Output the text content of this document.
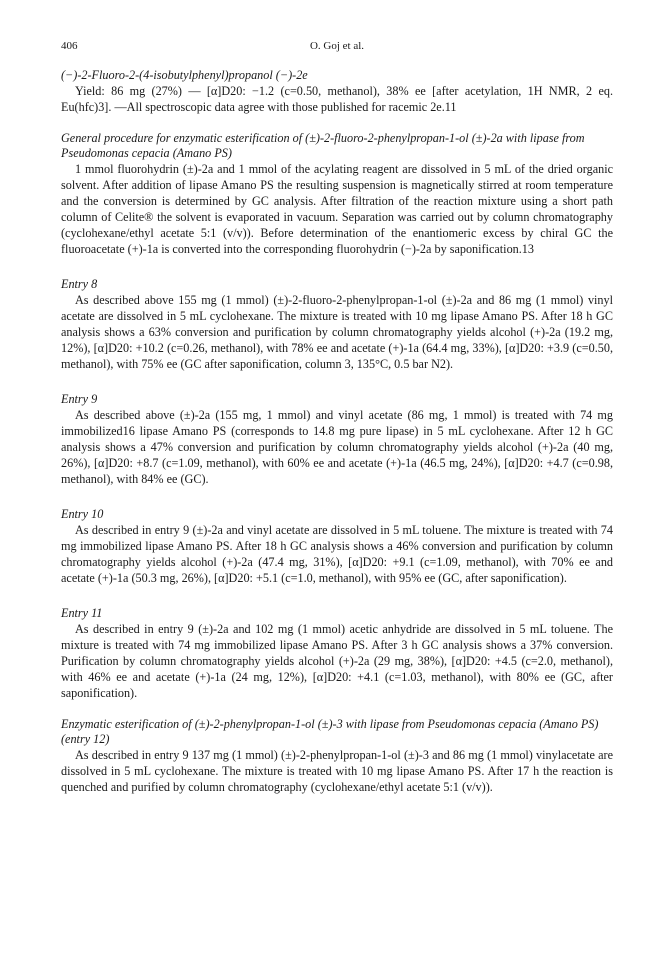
406	O. Goj et al.

(−)-2-Fluoro-2-(4-isobutylphenyl)propanol (−)-2e

Yield: 86 mg (27%) — [α]D20: −1.2 (c=0.50, methanol), 38% ee [after acetylation, 1H NMR, 2 eq. Eu(hfc)3]. —All spectroscopic data agree with those published for racemic 2e.11

General procedure for enzymatic esterification of (±)-2-fluoro-2-phenylpropan-1-ol (±)-2a with lipase from Pseudomonas cepacia (Amano PS)

1 mmol fluorohydrin (±)-2a and 1 mmol of the acylating reagent are dissolved in 5 mL of the dried organic solvent. After addition of lipase Amano PS the resulting suspension is magnetically stirred at room temperature and the conversion is determined by GC analysis. After filtration of the reaction mixture using a short path column of Celite® the solvent is evaporated in vacuum. Separation was carried out by column chromatography (cyclohexane/ethyl acetate 5:1 (v/v)). Before determination of the enantiomeric excess by chiral GC the fluoroacetate (+)-1a is converted into the corresponding fluorohydrin (−)-2a by saponification.13

Entry 8

As described above 155 mg (1 mmol) (±)-2-fluoro-2-phenylpropan-1-ol (±)-2a and 86 mg (1 mmol) vinyl acetate are dissolved in 5 mL cyclohexane. The mixture is treated with 10 mg lipase Amano PS. After 18 h GC analysis shows a 63% conversion and purification by column chromatography yields alcohol (+)-2a (19.2 mg, 12%), [α]D20: +10.2 (c=0.26, methanol), with 78% ee and acetate (+)-1a (64.4 mg, 33%), [α]D20: +3.9 (c=0.50, methanol), with 75% ee (GC after saponification, column 3, 135°C, 0.5 bar N2).

Entry 9

As described above (±)-2a (155 mg, 1 mmol) and vinyl acetate (86 mg, 1 mmol) is treated with 74 mg immobilized16 lipase Amano PS (corresponds to 14.8 mg pure lipase) in 5 mL cyclohexane. After 12 h GC analysis shows a 47% conversion and purification by column chromatography yields alcohol (+)-2a (40 mg, 26%), [α]D20: +8.7 (c=1.09, methanol), with 60% ee and acetate (+)-1a (46.5 mg, 24%), [α]D20: +4.7 (c=0.98, methanol), with 84% ee (GC).

Entry 10

As described in entry 9 (±)-2a and vinyl acetate are dissolved in 5 mL toluene. The mixture is treated with 74 mg immobilized lipase Amano PS. After 18 h GC analysis shows a 46% conversion and purification by column chromatography yields alcohol (+)-2a (47.4 mg, 31%), [α]D20: +9.1 (c=1.09, methanol), with 70% ee and acetate (+)-1a (50.3 mg, 26%), [α]D20: +5.1 (c=1.0, methanol), with 95% ee (GC, after saponification).

Entry 11

As described in entry 9 (±)-2a and 102 mg (1 mmol) acetic anhydride are dissolved in 5 mL toluene. The mixture is treated with 74 mg immobilized lipase Amano PS. After 3 h GC analysis shows a 37% conversion. Purification by column chromatography yields alcohol (+)-2a (29 mg, 38%), [α]D20: +4.5 (c=2.0, methanol), with 46% ee and acetate (+)-1a (24 mg, 12%), [α]D20: +4.1 (c=1.03, methanol), with 80% ee (GC, after saponification).

Enzymatic esterification of (±)-2-phenylpropan-1-ol (±)-3 with lipase from Pseudomonas cepacia (Amano PS) (entry 12)

As described in entry 9 137 mg (1 mmol) (±)-2-phenylpropan-1-ol (±)-3 and 86 mg (1 mmol) vinylacetate are dissolved in 5 mL cyclohexane. The mixture is treated with 10 mg lipase Amano PS. After 17 h the reaction is quenched and purified by column chromatography (cyclohexane/ethyl acetate 5:1 (v/v)).
